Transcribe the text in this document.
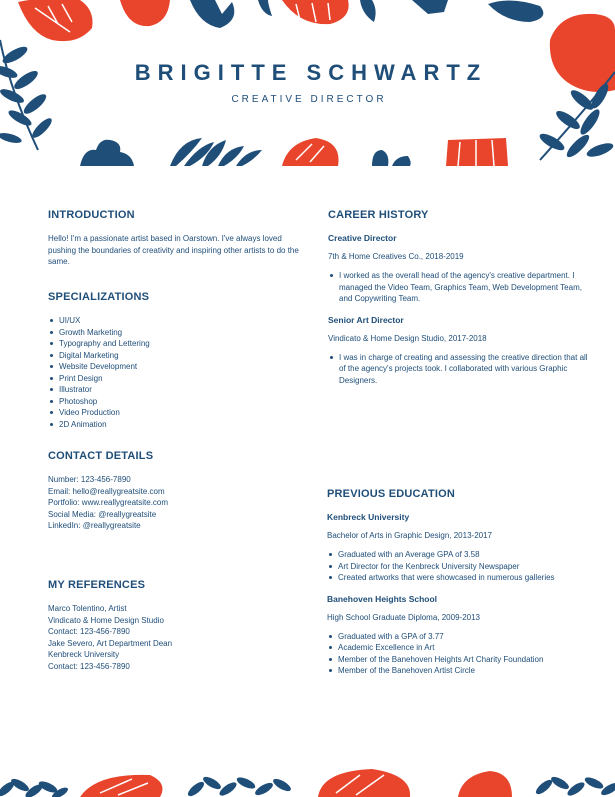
BRIGITTE SCHWARTZ
CREATIVE DIRECTOR
INTRODUCTION
Hello! I'm a passionate artist based in Oarstown. I've always loved pushing the boundaries of creativity and inspiring other artists to do the same.
SPECIALIZATIONS
UI/UX
Growth Marketing
Typography and Lettering
Digital Marketing
Website Development
Print Design
Illustrator
Photoshop
Video Production
2D Animation
CONTACT DETAILS
Number: 123-456-7890
Email: hello@reallygreatsite.com
Portfolio: www.reallygreatsite.com
Social Media: @reallygreatsite
LinkedIn: @reallygreatsite
MY REFERENCES
Marco Tolentino, Artist
Vindicato & Home Design Studio
Contact: 123-456-7890
Jake Severo, Art Department Dean
Kenbreck University
Contact: 123-456-7890
CAREER HISTORY
Creative Director
7th & Home Creatives Co., 2018-2019
I worked as the overall head of the agency's creative department. I managed the Video Team, Graphics Team, Web Development Team, and Copywriting Team.
Senior Art Director
Vindicato & Home Design Studio, 2017-2018
I was in charge of creating and assessing the creative direction that all of the agency's projects took. I collaborated with various Graphic Designers.
PREVIOUS EDUCATION
Kenbreck University
Bachelor of Arts in Graphic Design, 2013-2017
Graduated with an Average GPA of 3.58
Art Director for the Kenbreck University Newspaper
Created artworks that were showcased in numerous galleries
Banehoven Heights School
High School Graduate Diploma, 2009-2013
Graduated with a GPA of 3.77
Academic Excellence in Art
Member of the Banehoven Heights Art Charity Foundation
Member of the Banehoven Artist Circle
